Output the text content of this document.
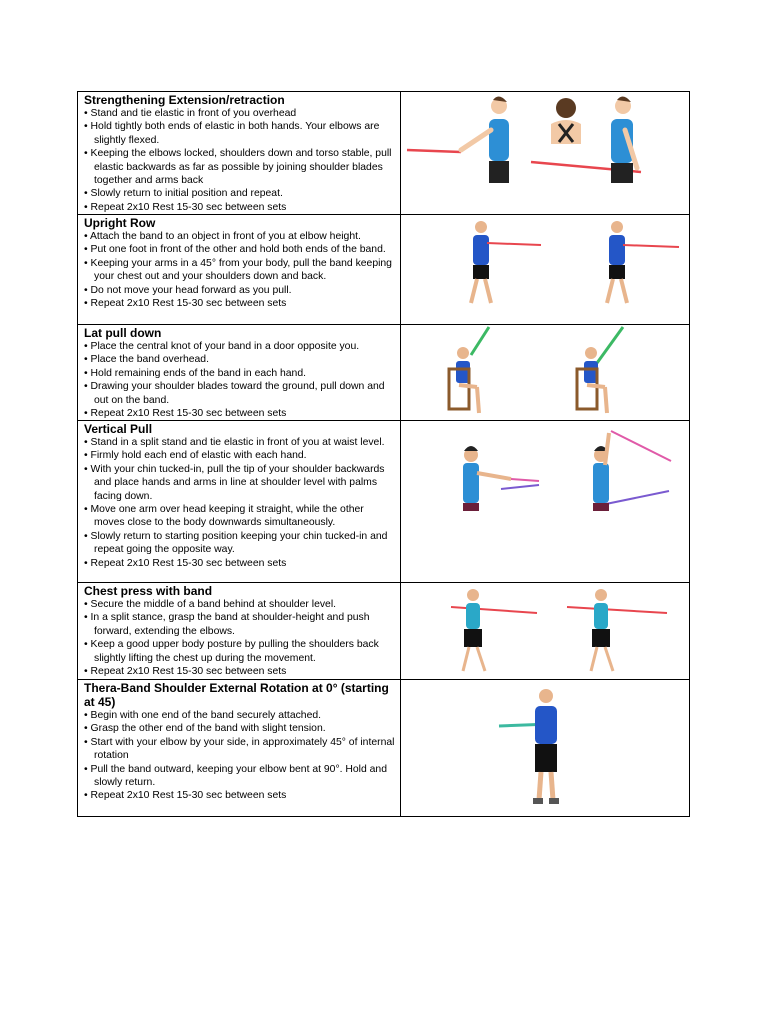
Strengthening Extension/retraction

• Stand and tie elastic in front of you overhead
• Hold tightly both ends of elastic in both hands. Your elbows are slightly flexed.
• Keeping the elbows locked, shoulders down and torso stable, pull elastic backwards as far as possible by joining shoulder blades together and arms back
• Slowly return to initial position and repeat.
• Repeat 2x10 Rest 15-30 sec between sets

Upright Row

• Attach the band to an object in front of you at elbow height.
• Put one foot in front of the other and hold both ends of the band.
• Keeping your arms in a 45° from your body, pull the band keeping your chest out and your shoulders down and back.
• Do not move your head forward as you pull.
• Repeat 2x10 Rest 15-30 sec between sets

Lat pull down

• Place the central knot of your band in a door opposite you.
• Place the band overhead.
• Hold remaining ends of the band in each hand.
• Drawing your shoulder blades toward the ground, pull down and out on the band.
• Repeat 2x10 Rest 15-30 sec between sets

Vertical Pull

• Stand in a split stand and tie elastic in front of you at waist level.
• Firmly hold each end of elastic with each hand.
• With your chin tucked-in, pull the tip of your shoulder backwards and place hands and arms in line at shoulder level with palms facing down.
• Move one arm over head keeping it straight, while the other moves close to the body downwards simultaneously.
• Slowly return to starting position keeping your chin tucked-in and repeat going the opposite way.
• Repeat 2x10 Rest 15-30 sec between sets

Chest press with band

• Secure the middle of a band behind at shoulder level.
• In a split stance, grasp the band at shoulder-height and push forward, extending the elbows.
• Keep a good upper body posture by pulling the shoulders back slightly lifting the chest up during the movement.
• Repeat 2x10 Rest 15-30 sec between sets

Thera-Band Shoulder External Rotation at 0° (starting at 45)

• Begin with one end of the band securely attached.
• Grasp the other end of the band with slight tension.
• Start with your elbow by your side, in approximately 45° of internal rotation
• Pull the band outward, keeping your elbow bent at 90°. Hold and slowly return.
• Repeat 2x10 Rest 15-30 sec between sets
